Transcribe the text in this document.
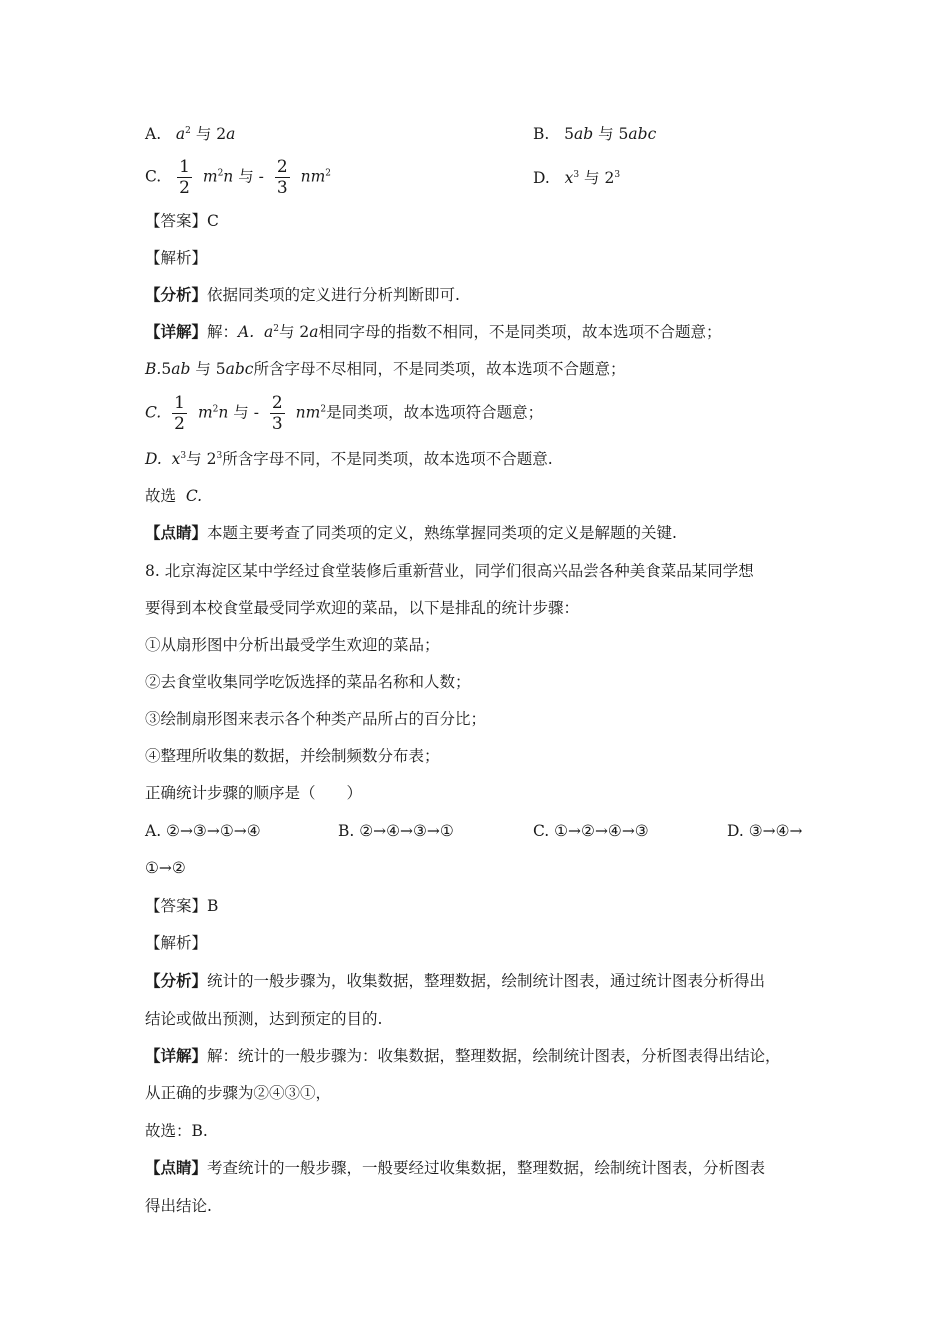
A. $a^2$ 与 2a	B. 5ab 与 5abc
C. $\frac{1}{2} m^2n$ 与 - $\frac{2}{3} nm^2$	D. $x^3$ 与 $2^3$
【答案】C
【解析】
【分析】依据同类项的定义进行分析判断即可.
【详解】解：A. $a^2$与 2a相同字母的指数不相同，不是同类项，故本选项不合题意；
B.5ab 与 5abc所含字母不尽相同，不是同类项，故本选项不合题意；
C. $\frac{1}{2} m^2n$ 与 - $\frac{2}{3} nm^2$是同类项，故本选项符合题意；
D. $x^3$与 $2^3$所含字母不同，不是同类项，故本选项不合题意.
故选 C.
【点睛】本题主要考查了同类项的定义，熟练掌握同类项的定义是解题的关键.
8. 北京海淀区某中学经过食堂装修后重新营业，同学们很高兴品尝各种美食菜品某同学想
要得到本校食堂最受同学欢迎的菜品，以下是排乱的统计步骤：
①从扇形图中分析出最受学生欢迎的菜品；
②去食堂收集同学吃饭选择的菜品名称和人数；
③绘制扇形图来表示各个种类产品所占的百分比；
④整理所收集的数据，并绘制频数分布表；
正确统计步骤的顺序是（　　）
A. ②→③→①→④	B. ②→④→③→①	C. ①→②→④→③	D. ③→④→
①→②
【答案】B
【解析】
【分析】统计的一般步骤为，收集数据，整理数据，绘制统计图表，通过统计图表分析得出
结论或做出预测，达到预定的目的.
【详解】解：统计的一般步骤为：收集数据，整理数据，绘制统计图表，分析图表得出结论，
从正确的步骤为②④③①，
故选：B.
【点睛】考查统计的一般步骤，一般要经过收集数据，整理数据，绘制统计图表，分析图表
得出结论.
